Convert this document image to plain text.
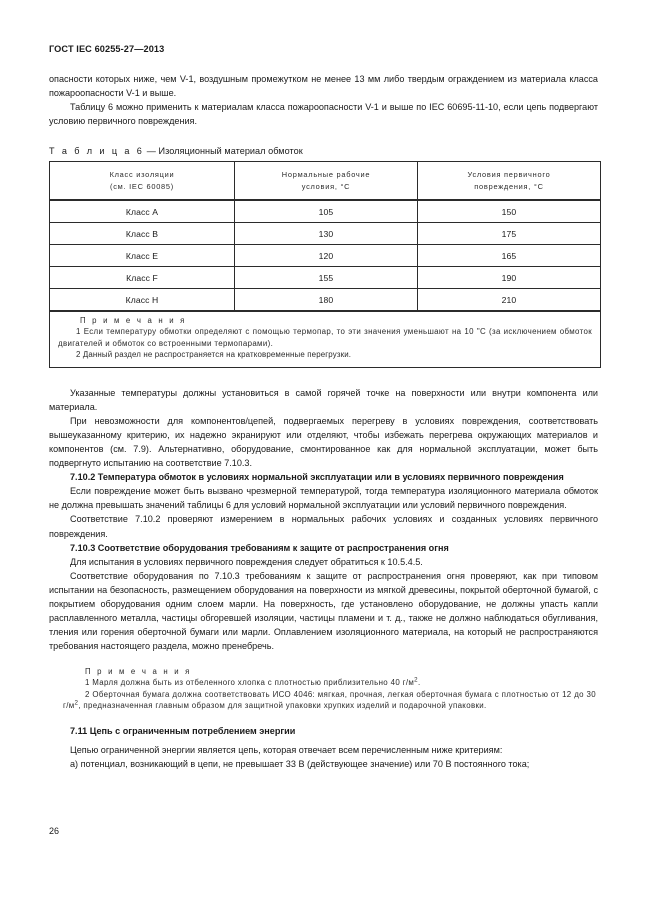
ГОСТ IEC 60255-27—2013

опасности которых ниже, чем V-1, воздушным промежутком не менее 13 мм либо твердым ограждением из материала класса пожароопасности V-1 и выше.

Таблицу 6 можно применить к материалам класса пожароопасности V-1 и выше по IEC 60695-11-10, если цепь подвергают условию первичного повреждения.

Т а б л и ц а 6 — Изоляционный материал обмоток
Класс изоляции
(см. IEC 60085)

Нормальные рабочие
условия, °С

Условия первичного
повреждения, °С

Класс A	105	150
Класс B	130	175
Класс E	120	165
Класс F	155	190
Класс H	180	210

П р и м е ч а н и я

1 Если температуру обмотки определяют с помощью термопар, то эти значения уменьшают на 10 "С (за исключением обмоток двигателей и обмоток со встроенными термопарами).

2 Данный раздел не распространяется на кратковременные перегрузки.		

Указанные температуры должны установиться в самой горячей точке на поверхности или внутри компонента или материала.

При невозможности для компонентов/цепей, подвергаемых перегреву в условиях повреждения, соответствовать вышеуказанному критерию, их надежно экранируют или отделяют, чтобы избежать перегрева окружающих материалов и компонентов (см. 7.9). Альтернативно, оборудование, смонтированное как для нормальной эксплуатации, может быть подвергнуто испытанию на соответствие 7.10.3.

7.10.2 Температура обмоток в условиях нормальной эксплуатации или в условиях первичного повреждения

Если повреждение может быть вызвано чрезмерной температурой, тогда температура изоляционного материала обмоток не должна превышать значений таблицы 6 для условий нормальной эксплуатации или условий первичного повреждения.

Соответствие 7.10.2 проверяют измерением в нормальных рабочих условиях и созданных условиях первичного повреждения.

7.10.3 Соответствие оборудования требованиям к защите от распространения огня

Для испытания в условиях первичного повреждения следует обратиться к 10.5.4.5.

Соответствие оборудования по 7.10.3 требованиям к защите от распространения огня проверяют, как при типовом испытании на безопасность, размещением оборудования на поверхности из мягкой древесины, покрытой оберточной бумагой, с покрытием оборудования одним слоем марли. На поверхность, где установлено оборудование, не должны упасть капли расплавленного металла, частицы обгоревшей изоляции, частицы пламени и т. д., также не должно наблюдаться обугливания, тления или горения оберточной бумаги или марли. Оплавлением изоляционного материала, на который не распространяются требования настоящего раздела, можно пренебречь.

П р и м е ч а н и я

1 Марля должна быть из отбеленного хлопка с плотностью приблизительно 40 $г/м^2$.

2 Оберточная бумага должна соответствовать ИСО 4046: мягкая, прочная, легкая оберточная бумага с плотностью от 12 до 30 $г/м^2$, предназначенная главным образом для защитной упаковки хрупких изделий и подарочной упаковки.

7.11 Цепь с ограниченным потреблением энергии

Цепью ограниченной энергии является цепь, которая отвечает всем перечисленным ниже критериям:

а) потенциал, возникающий в цепи, не превышает 33 В (действующее значение) или 70 В постоянного тока;

26
